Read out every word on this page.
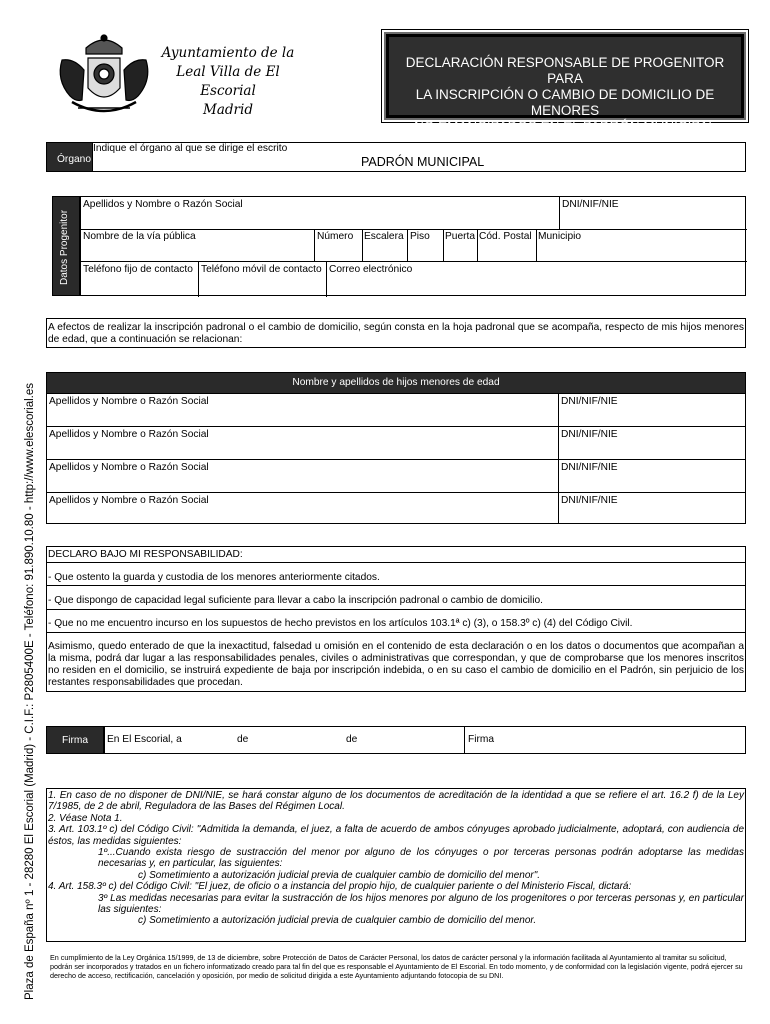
Plaza de España nº 1 - 28280 El Escorial (Madrid) - C.I.F.: P2805400E - Teléfono: 91.890.10.80 - http://www.elescorial.es
Ayuntamiento de la
Leal Villa de El Escorial
Madrid
DECLARACIÓN RESPONSABLE DE PROGENITOR PARA
LA INSCRIPCIÓN O CAMBIO DE DOMICILIO DE MENORES
NO EMANCIPADOS EN EL PADRÓN MUNICIPAL
Órgano
Indique el órgano al que se dirige el escrito
PADRÓN MUNICIPAL
Datos Progenitor
Apellidos y Nombre o Razón Social	DNI/NIF/NIE
Nombre de la vía pública	Número Escalera Piso Puerta Cód. Postal Municipio
Teléfono fijo de contacto Teléfono móvil de contacto Correo electrónico
A efectos de realizar la inscripción padronal o el cambio de domicilio, según consta en la hoja padronal que se acompaña, respecto de mis hijos menores de edad, que a continuación se relacionan:
Nombre y apellidos de hijos menores de edad
Apellidos y Nombre o Razón Social	DNI/NIF/NIE
Apellidos y Nombre o Razón Social	DNI/NIF/NIE
Apellidos y Nombre o Razón Social	DNI/NIF/NIE
Apellidos y Nombre o Razón Social	DNI/NIF/NIE
DECLARO BAJO MI RESPONSABILIDAD:
- Que ostento la guarda y custodia de los menores anteriormente citados.
- Que dispongo de capacidad legal suficiente para llevar a cabo la inscripción padronal o cambio de domicilio.
- Que no me encuentro incurso en los supuestos de hecho previstos en los artículos 103.1ª c) (3), o 158.3º c) (4) del Código Civil.
Asimismo, quedo enterado de que la inexactitud, falsedad u omisión en el contenido de esta declaración o en los datos o documentos que acompañan a la misma, podrá dar lugar a las responsabilidades penales, civiles o administrativas que correspondan, y que de comprobarse que los menores inscritos no residen en el domicilio, se instruirá expediente de baja por inscripción indebida, o en su caso el cambio de domicilio en el Padrón, sin perjuicio de los restantes responsabilidades que procedan.
Firma En El Escorial, a	de	de	Firma

1. En caso de no disponer de DNI/NIE, se hará constar alguno de los documentos de acreditación de la identidad a que se refiere el art. 16.2 f) de la Ley 7/1985, de 2 de abril, Reguladora de las Bases del Régimen Local.

2. Véase Nota 1.

3. Art. 103.1º c) del Código Civil: "Admitida la demanda, el juez, a falta de acuerdo de ambos cónyuges aprobado judicialmente, adoptará, con audiencia de éstos, las medidas siguientes:

1º...Cuando exista riesgo de sustracción del menor por alguno de los cónyuges o por terceras personas podrán adoptarse las medidas necesarias y, en particular, las siguientes:

c) Sometimiento a autorización judicial previa de cualquier cambio de domicilio del menor".

4. Art. 158.3º c) del Código Civil: "El juez, de oficio o a instancia del propio hijo, de cualquier pariente o del Ministerio Fiscal, dictará:

3º Las medidas necesarias para evitar la sustracción de los hijos menores por alguno de los progenitores o por terceras personas y, en particular las siguientes:

c) Sometimiento a autorización judicial previa de cualquier cambio de domicilio del menor.

En cumplimiento de la Ley Orgánica 15/1999, de 13 de diciembre, sobre Protección de Datos de Carácter Personal, los datos de carácter personal y la información facilitada al Ayuntamiento al tramitar su solicitud, podrán ser incorporados y tratados en un fichero informatizado creado para tal fin del que es responsable el Ayuntamiento de El Escorial. En todo momento, y de conformidad con la legislación vigente, podrá ejercer su derecho de acceso, rectificación, cancelación y oposición, por medio de solicitud dirigida a este Ayuntamiento adjuntando fotocopia de su DNI.
